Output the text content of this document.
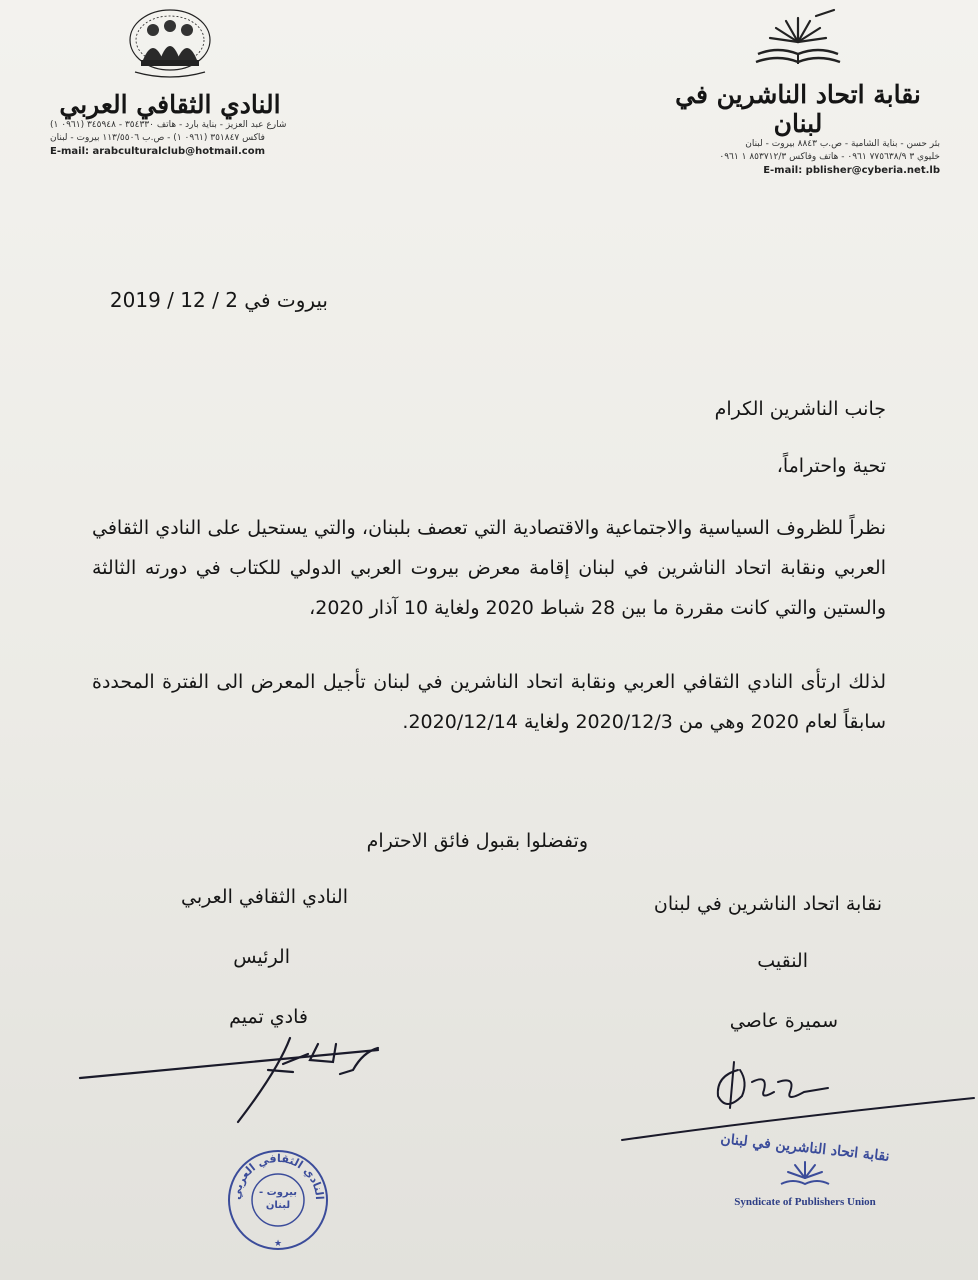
النادي الثقافي العربي
شارع عبد العزيز - بناية بارد - هاتف ٣٥٤٣٣٠ - ٣٤٥٩٤٨ (٠٩٦١ ١)
فاكس ٣٥١٨٤٧ (٠٩٦١ ١) - ص.ب ١١٣/٥٥٠٦ بيروت - لبنان
E-mail: arabculturalclub@hotmail.com
نقابة اتحاد الناشرين في لبنان
بئر حسن - بناية الشامية - ص.ب ٨٨٤٣ بيروت - لبنان
خليوي ٣ ٧٧٥٦٣٨/٩ ٠٩٦١ - هاتف وفاكس ٨٥٣٧١٢/٣ ١ ٠٩٦١
E-mail: pblisher@cyberia.net.lb
بيروت في 2 / 12 / 2019
جانب الناشرين الكرام
تحية واحتراماً،
نظراً للظروف السياسية والاجتماعية والاقتصادية التي تعصف بلبنان، والتي يستحيل على النادي الثقافي العربي ونقابة اتحاد الناشرين في لبنان إقامة معرض بيروت العربي الدولي للكتاب في دورته الثالثة والستين والتي كانت مقررة ما بين 28 شباط 2020 ولغاية 10 آذار 2020،
لذلك ارتأى النادي الثقافي العربي ونقابة اتحاد الناشرين في لبنان تأجيل المعرض الى الفترة المحددة سابقاً لعام 2020 وهي من 2020/12/3 ولغاية 2020/12/14.
وتفضلوا بقبول فائق الاحترام
نقابة اتحاد الناشرين في لبنان
النقيب
سميرة عاصي
النادي الثقافي العربي
الرئيس
فادي تميم
نقابة اتحاد الناشرين في لبنان
Syndicate of Publishers Union
النادي الثقافي العربي
★
بيروت - لبنان
